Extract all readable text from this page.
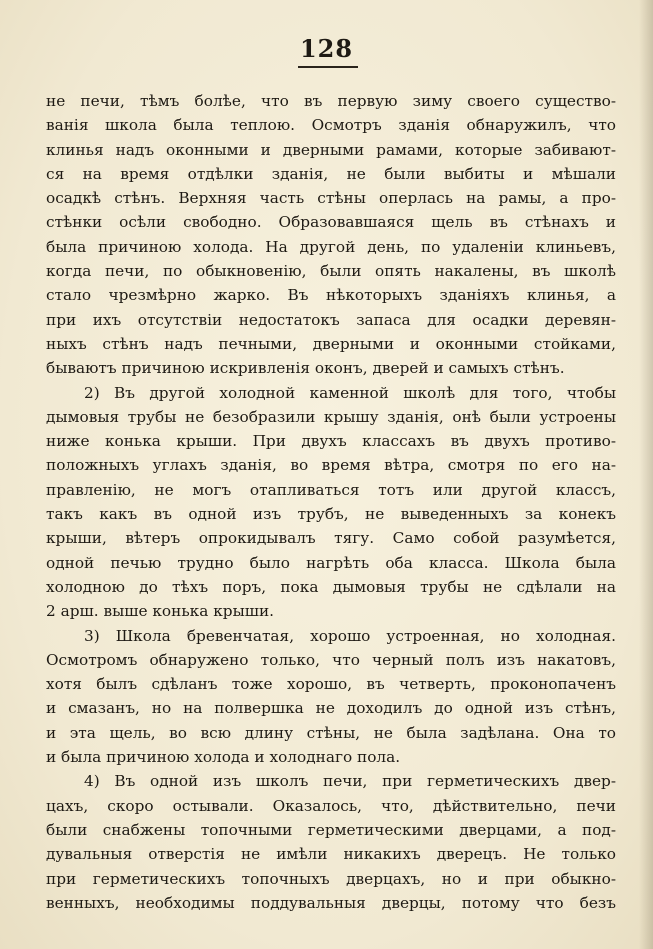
128
не печи, тѣмъ болѣе, что въ первую зиму своего существо-
ванія школа была теплою. Осмотръ зданія обнаружилъ, что
клинья надъ оконными и дверными рамами, которые забивают-
ся на время отдѣлки зданія, не были выбиты и мѣшали
осадкѣ стѣнъ. Верхняя часть стѣны оперлась на рамы, а про-
стѣнки осѣли свободно. Образовавшаяся щель въ стѣнахъ и
была причиною холода. На другой день, по удаленіи клиньевъ,
когда печи, по обыкновенію, были опять накалены, въ школѣ
стало чрезмѣрно жарко. Въ нѣкоторыхъ зданіяхъ клинья, а
при ихъ отсутствіи недостатокъ запаса для осадки деревян-
ныхъ стѣнъ надъ печными, дверными и оконными стойками,
бываютъ причиною искривленія оконъ, дверей и самыхъ стѣнъ.
2) Въ другой холодной каменной школѣ для того, чтобы
дымовыя трубы не безобразили крышу зданія, онѣ были устроены
ниже конька крыши. При двухъ классахъ въ двухъ противо-
положныхъ углахъ зданія, во время вѣтра, смотря по его на-
правленію, не могъ отапливаться тотъ или другой классъ,
такъ какъ въ одной изъ трубъ, не выведенныхъ за конекъ
крыши, вѣтеръ опрокидывалъ тягу. Само собой разумѣется,
одной печью трудно было нагрѣть оба класса. Школа была
холодною до тѣхъ поръ, пока дымовыя трубы не сдѣлали на
2 арш. выше конька крыши.
3) Школа бревенчатая, хорошо устроенная, но холодная.
Осмотромъ обнаружено только, что черный полъ изъ накатовъ,
хотя былъ сдѣланъ тоже хорошо, въ четверть, проконопаченъ
и смазанъ, но на полвершка не доходилъ до одной изъ стѣнъ,
и эта щель, во всю длину стѣны, не была задѣлана. Она то
и была причиною холода и холоднаго пола.
4) Въ одной изъ школъ печи, при герметическихъ двер-
цахъ, скоро остывали. Оказалось, что, дѣйствительно, печи
были снабжены топочными герметическими дверцами, а под-
дувальныя отверстія не имѣли никакихъ дверецъ. Не только
при герметическихъ топочныхъ дверцахъ, но и при обыкно-
венныхъ, необходимы поддувальныя дверцы, потому что безъ
